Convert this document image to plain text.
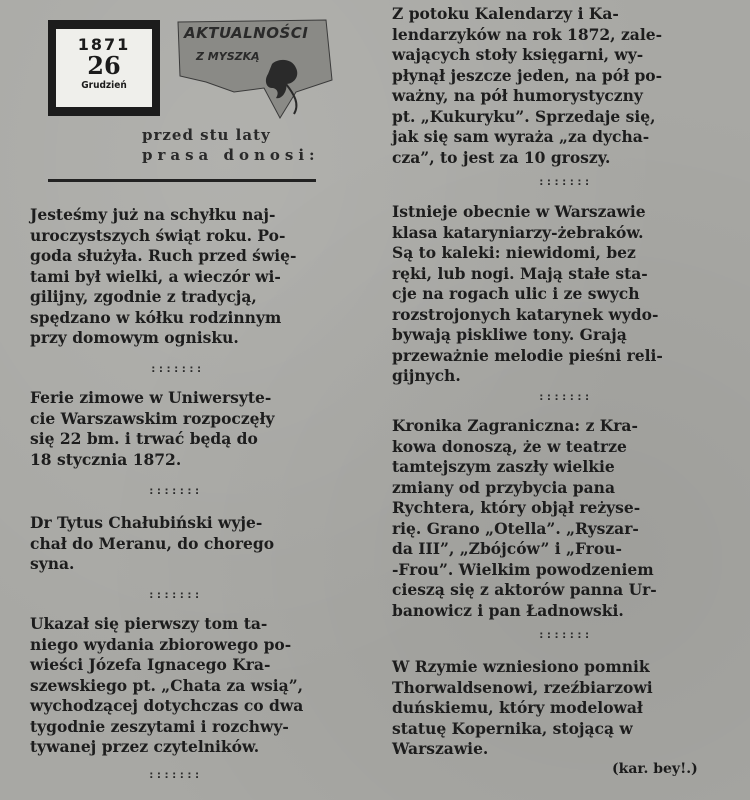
1871
26
Grudzień
AKTUALNOŚCI
Z MYSZKĄ
przed stu laty
prasa donosi:

Jesteśmy już na schyłku naj-

uroczystszych świąt roku. Po-

goda służyła. Ruch przed świę-

tami był wielki, a wieczór wi-

gilijny, zgodnie z tradycją,

spędzano w kółku rodzinnym

przy domowym ognisku.

:::::::

Ferie zimowe w Uniwersyte-

cie Warszawskim rozpoczęły

się 22 bm. i trwać będą do

18 stycznia 1872.

:::::::

Dr Tytus Chałubiński wyje-

chał do Meranu, do chorego

syna.

:::::::

Ukazał się pierwszy tom ta-

niego wydania zbiorowego po-

wieści Józefa Ignacego Kra-

szewskiego pt. „Chata za wsią”,

wychodzącej dotychczas co dwa

tygodnie zeszytami i rozchwy-

tywanej przez czytelników.

:::::::

Z potoku Kalendarzy i Ka-

lendarzyków na rok 1872, zale-

wających stoły księgarni, wy-

płynął jeszcze jeden, na pół po-

ważny, na pół humorystyczny

pt. „Kukuryku”. Sprzedaje się,

jak się sam wyraża „za dycha-

cza”, to jest za 10 groszy.

:::::::

Istnieje obecnie w Warszawie

klasa kataryniarzy-żebraków.

Są to kaleki: niewidomi, bez

ręki, lub nogi. Mają stałe sta-

cje na rogach ulic i ze swych

rozstrojonych katarynek wydo-

bywają piskliwe tony. Grają

przeważnie melodie pieśni reli-

gijnych.

:::::::

Kronika Zagraniczna: z Kra-

kowa donoszą, że w teatrze

tamtejszym zaszły wielkie

zmiany od przybycia pana

Rychtera, który objął reżyse-

rię. Grano „Otella”. „Ryszar-

da III”, „Zbójców” i „Frou-

-Frou”. Wielkim powodzeniem

cieszą się z aktorów panna Ur-

banowicz i pan Ładnowski.

:::::::

W Rzymie wzniesiono pomnik

Thorwaldsenowi, rzeźbiarzowi

duńskiemu, który modelował

statuę Kopernika, stojącą w

Warszawie.

(kar. bey!.)
